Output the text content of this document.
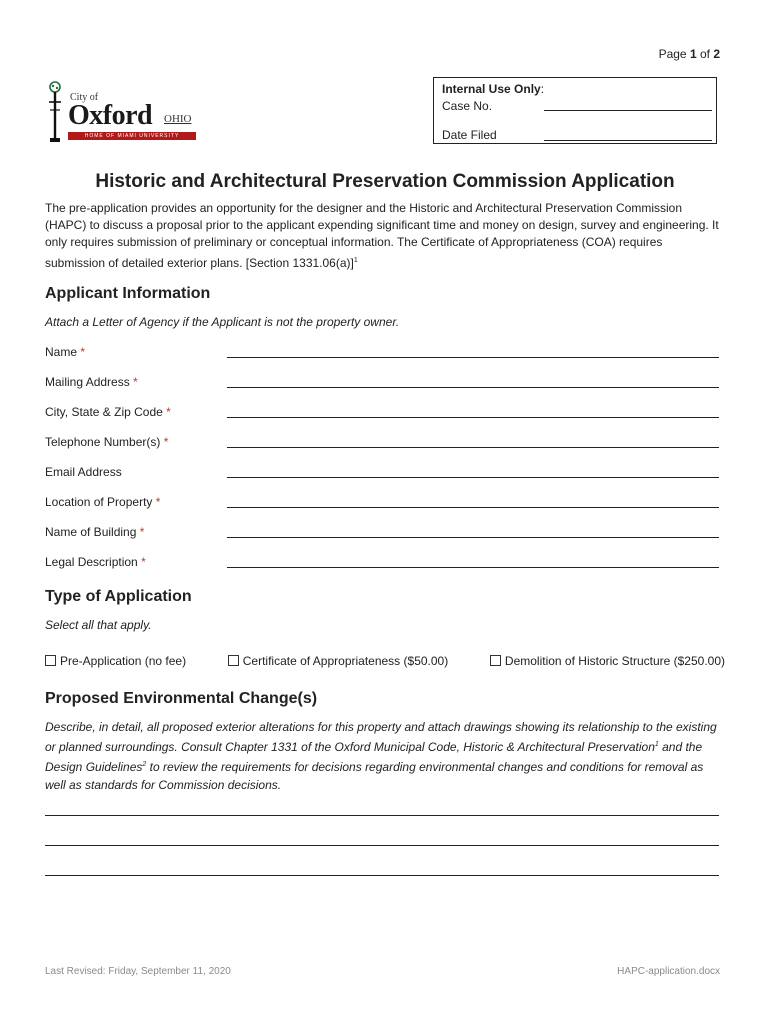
Page 1 of 2
City of
Oxford OHIO
HOME OF MIAMI UNIVERSITY
Internal Use Only:
Case No.
Date Filed
Historic and Architectural Preservation Commission Application

The pre-application provides an opportunity for the designer and the Historic and Architectural Preservation Commission (HAPC) to discuss a proposal prior to the applicant expending significant time and money on design, survey and engineering. It only requires submission of preliminary or conceptual information. The Certificate of Appropriateness (COA) requires submission of detailed exterior plans. [Section 1331.06(a)]$^1$

Applicant Information
Attach a Letter of Agency if the Applicant is not the property owner.
Name *
Mailing Address *
City, State & Zip Code *
Telephone Number(s) *
Email Address
Location of Property *
Name of Building *
Legal Description *
Type of Application
Select all that apply.
Pre-Application (no fee)	Certificate of Appropriateness ($50.00)	Demolition of Historic Structure ($250.00)
Proposed Environmental Change(s)

Describe, in detail, all proposed exterior alterations for this property and attach drawings showing its relationship to the existing or planned surroundings. Consult Chapter 1331 of the Oxford Municipal Code, Historic & Architectural Preservation$^1$ and the Design Guidelines$^2$ to review the requirements for decisions regarding environmental changes and conditions for removal as well as standards for Commission decisions.

Last Revised: Friday, September 11, 2020	HAPC-application.docx
